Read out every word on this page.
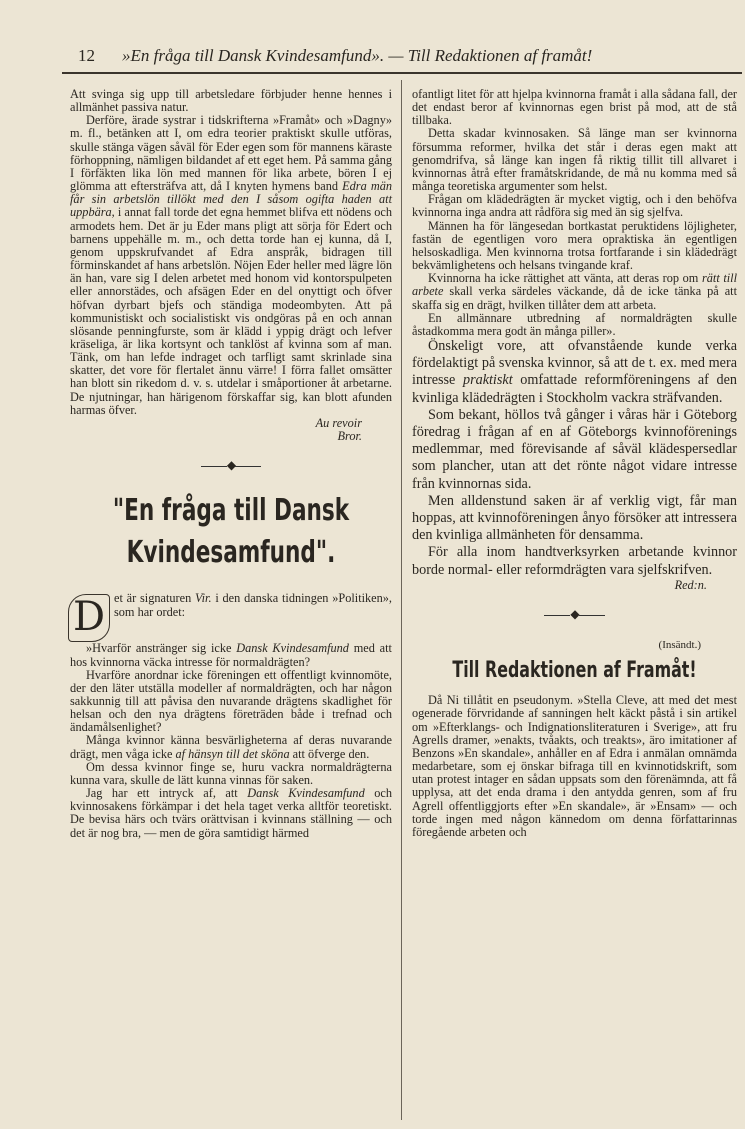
12 »En fråga till Dansk Kvindesamfund». — Till Redaktionen af framåt!

Att svinga sig upp till arbetsledare förbjuder henne hennes i allmänhet passiva natur.

Derföre, ärade systrar i tidskrifterna »Framåt» och »Dagny» m. fl., betänken att I, om edra teorier praktiskt skulle utföras, skulle stänga vägen såväl för Eder egen som för mannens käraste förhoppning, nämligen bildandet af ett eget hem. På samma gång I förfäkten lika lön med mannen för lika arbete, bören I ej glömma att eftersträfva att, då I knyten hymens band Edra män får sin arbetslön tillökt med den I såsom ogifta haden att uppbära, i annat fall torde det egna hemmet blifva ett nödens och armodets hem. Det är ju Eder mans pligt att sörja för Edert och barnens uppehälle m. m., och detta torde han ej kunna, då I, genom uppskrufvandet af Edra anspråk, bidragen till förminskandet af hans arbetslön. Nöjen Eder heller med lägre lön än han, vare sig I delen arbetet med honom vid kontorspulpeten eller annorstädes, och afsägen Eder en del onyttigt och öfver höfvan dyrbart bjefs och ständiga modeombyten. Att på kommunistiskt och socialistiskt vis ondgöras på en och annan slösande penningfurste, som är klädd i yppig drägt och lefver kräseliga, är lika kortsynt och tanklöst af kvinna som af man. Tänk, om han lefde indraget och tarfligt samt skrinlade sina skatter, det vore för flertalet ännu värre! I förra fallet omsätter han blott sin rikedom d. v. s. utdelar i småportioner åt arbetarne. De njutningar, han härigenom förskaffar sig, kan blott afunden harmas öfver.

Au revoir

Bror.

◆
"En fråga till Dansk Kvindesamfund".

D et är signaturen Vir. i den danska tidningen »Politiken», som har ordet:

»Hvarför anstränger sig icke Dansk Kvindesamfund med att hos kvinnorna väcka intresse för normaldrägten?

Hvarföre anordnar icke föreningen ett offentligt kvinnomöte, der den läter utställa modeller af normaldrägten, och har någon sakkunnig till att påvisa den nuvarande drägtens skadlighet för helsan och den nya drägtens företräden både i trefnad och ändamålsenlighet?

Många kvinnor känna besvärligheterna af deras nuvarande drägt, men våga icke af hänsyn till det sköna att öfverge den.

Om dessa kvinnor finge se, huru vackra normaldrägterna kunna vara, skulle de lätt kunna vinnas för saken.

Jag har ett intryck af, att Dansk Kvindesamfund och kvinnosakens förkämpar i det hela taget verka alltför teoretiskt. De bevisa härs och tvärs orättvisan i kvinnans ställning — och det är nog bra, — men de göra samtidigt härmed

ofantligt litet för att hjelpa kvinnorna framåt i alla sådana fall, der det endast beror af kvinnornas egen brist på mod, att de stå tillbaka.

Detta skadar kvinnosaken. Så länge man ser kvinnorna försumma reformer, hvilka det står i deras egen makt att genomdrifva, så länge kan ingen få riktig tillit till allvaret i kvinnornas åtrå efter framåtskridande, de må nu komma med så många teoretiska argumenter som helst.

Frågan om klädedrägten är mycket vigtig, och i den behöfva kvinnorna inga andra att rådföra sig med än sig sjelfva.

Männen ha för längesedan bortkastat peruktidens löjligheter, fastän de egentligen voro mera opraktiska än egentligen helsoskadliga. Men kvinnorna trotsa fortfarande i sin klädedrägt bekvämlighetens och helsans tvingande kraf.

Kvinnorna ha icke rättighet att vänta, att deras rop om rätt till arbete skall verka särdeles väckande, då de icke tänka på att skaffa sig en drägt, hvilken tillåter dem att arbeta.

En allmännare utbredning af normaldrägten skulle åstadkomma mera godt än många piller».

Önskeligt vore, att ofvanstående kunde verka fördelaktigt på svenska kvinnor, så att de t. ex. med mera intresse praktiskt omfattade reformföreningens af den kvinliga klädedrägten i Stockholm vackra sträfvanden.

Som bekant, höllos två gånger i våras här i Göteborg föredrag i frågan af en af Göteborgs kvinnoförenings medlemmar, med förevisande af såväl klädespersedlar som plancher, utan att det rönte något vidare intresse från kvinnornas sida.

Men alldenstund saken är af verklig vigt, får man hoppas, att kvinnoföreningen ånyo försöker att intressera den kvinliga allmänheten för densamma.

För alla inom handtverksyrken arbetande kvinnor borde normal- eller reformdrägten vara sjelfskrifven.

Red:n.

◆

(Insändt.)

Till Redaktionen af Framåt!

Då Ni tillåtit en pseudonym. »Stella Cleve, att med det mest ogenerade förvridande af sanningen helt käckt påstå i sin artikel om »Efterklangs- och Indignationsliteraturen i Sverige», att fru Agrells dramer, »enakts, tvåakts, och treakts», äro imitationer af Benzons »En skandale», anhåller en af Edra i anmälan omnämda medarbetare, som ej önskar bifraga till en kvinnotidskrift, som utan protest intager en sådan uppsats som den förenämnda, att få upplysa, att det enda drama i den antydda genren, som af fru Agrell offentliggjorts efter »En skandale», är »Ensam» — och torde ingen med någon kännedom om denna författarinnas föregående arbeten och
